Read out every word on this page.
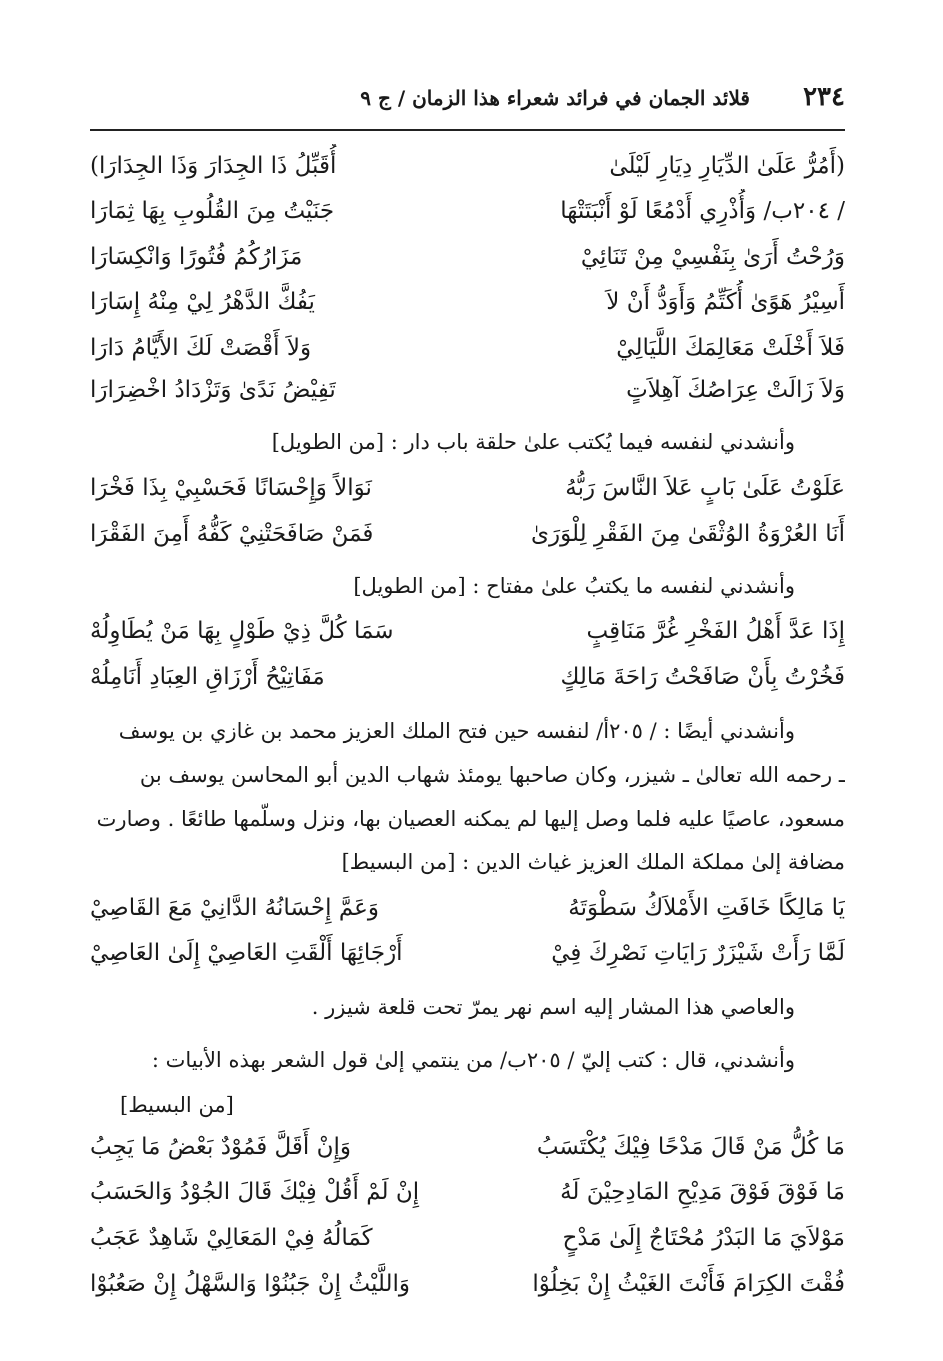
٢٣٤
قلائد الجمان في فرائد شعراء هذا الزمان / ج ٩
(أَمُرُّ عَلَىٰ الدِّيَارِ دِيَارِ لَيْلَىٰ
أُقَبِّلُ ذَا الجِدَارَ وَذَا الجِدَارَا)
/ ٢٠٤ب/ وَأُذْرِي أَدْمُعًا لَوْ أَنْبَتَتْهَا
جَنَيْتُ مِنَ القُلُوبِ بِهَا ثِمَارَا
وَرُحْتُ أَرَىٰ بِنَفْسِيْ مِنْ تَنَائِيْ
مَزَارُكُمُ فُتُورًا وَانْكِسَارَا
أَسِيْرُ هَوًىٰ أُكَتِّمُ وَأَوَدُّ أَنْ لاَ
يَفُكَّ الدَّهْرُ لِيْ مِنْهُ إِسَارَا
فَلاَ أَخْلَتْ مَعَالِمَكَ اللَّيَالِيْ
وَلاَ أَقْصَتْ لَكَ الأَيَّامُ دَارَا
وَلاَ زَالَتْ عِرَاصُكَ آهِلاَتٍ
تَفِيْضُ نَدًىٰ وَتَزْدَادُ اخْضِرَارَا
وأنشدني لنفسه فيما يُكتب علىٰ حلقة باب دار : [من الطويل]
عَلَوْتُ عَلَىٰ بَابٍ عَلاَ النَّاسَ رَبُّهُ
نَوَالاً وَإِحْسَانًا فَحَسْبِيْ بِذَا فَخْرَا
أَنَا العُرْوَةُ الوُثْقَىٰ مِنَ الفَقْرِ لِلْوَرَىٰ
فَمَنْ صَافَحَتْنِيْ كَفُّهُ أَمِنَ الفَقْرَا
وأنشدني لنفسه ما يكتبُ علىٰ مفتاح : [من الطويل]
إِذَا عَدَّ أَهْلُ الفَخْرِ غُرَّ مَنَاقِبٍ
سَمَا كُلَّ ذِيْ طَوْلٍ بِهَا مَنْ يُطَاوِلُهْ
فَخُرْتُ بِأَنْ صَافَحْتُ رَاحَةَ مَالِكٍ
مَفَاتِيْحُ أَرْزَاقِ العِبَادِ أَنَامِلُهْ
وأنشدني أيضًا : / ٢٠٥أ/ لنفسه حين فتح الملك العزيز محمد بن غازي بن يوسف
ـ رحمه الله تعالىٰ ـ شيزر، وكان صاحبها يومئذ شهاب الدين أبو المحاسن يوسف بن
مسعود، عاصيًا عليه فلما وصل إليها لم يمكنه العصيان بها، ونزل وسلّمها طائعًا . وصارت
مضافة إلىٰ مملكة الملك العزيز غياث الدين : [من البسيط]
يَا مَالِكًا خَافَتِ الأَمْلاَكُ سَطْوَتَهُ
وَعَمَّ إِحْسَانُهُ الدَّانِيْ مَعَ القَاصِيْ
لَمَّا رَأَتْ شَيْزَرٌ رَايَاتِ نَصْرِكَ فِيْ
أَرْجَائِهَا أَلْقَتِ العَاصِيْ إِلَىٰ العَاصِيْ
والعاصي هذا المشار إليه اسم نهر يمرّ تحت قلعة شيزر .
وأنشدني، قال : كتب إليّ / ٢٠٥ب/ من ينتمي إلىٰ قول الشعر بهذه الأبيات :
[من البسيط]
مَا كُلُّ مَنْ قَالَ مَدْحًا فِيْكَ يُكْتَسَبُ
وَإِنْ أَقَلَّ فَمُوْدٌ بَعْضُ مَا يَجِبُ
مَا فَوْقَ فَوْقَ مَدِيْحِ المَادِحِيْنَ لَهُ
إِنْ لَمْ أَقُلْ فِيْكَ قَالَ الجُوْدُ وَالحَسَبُ
مَوْلاَيَ مَا البَدْرُ مُحْتَاجٌ إِلَىٰ مَدْحٍ
كَمَالُهُ فِيْ المَعَالِيْ شَاهِدٌ عَجَبُ
فُقْتَ الكِرَامَ فَأَنْتَ الغَيْثُ إِنْ بَخِلُوْا
وَاللَّيْثُ إِنْ جَبُنُوْا وَالسَّهْلُ إِنْ صَعُبُوْا
